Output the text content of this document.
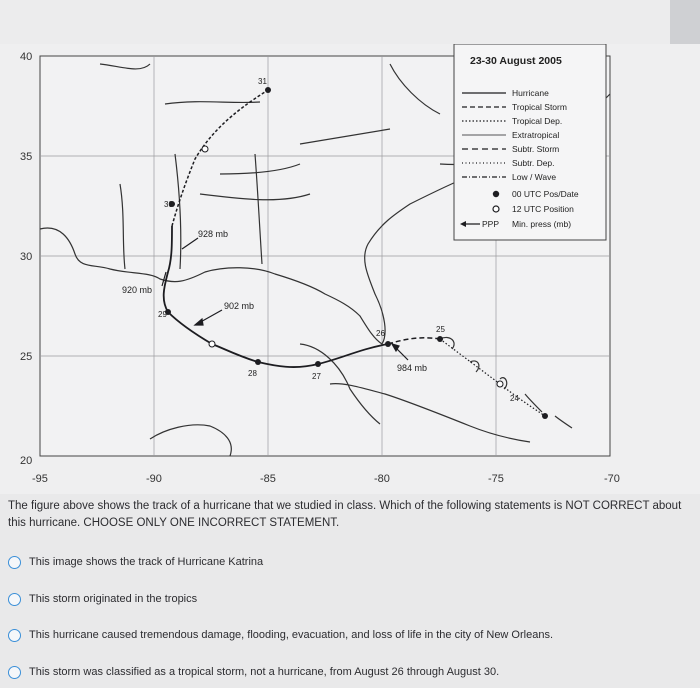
40
35
30
25
20
-95	-90	-85	-80	-75	-70
31
30
29
28	27
26	25
24
928 mb
920 mb
902 mb
984 mb
23-30 August 2005
Hurricane
Tropical Storm
Tropical Dep.
Extratropical
Subtr. Storm
Subtr. Dep.
Low / Wave
PPP
00 UTC Pos/Date
12 UTC Position
Min. press (mb)
The figure above shows the track of a hurricane that we studied in class. Which of the following statements is NOT CORRECT about this hurricane. CHOOSE ONLY ONE INCORRECT STATEMENT.
This image shows the track of Hurricane Katrina
This storm originated in the tropics
This hurricane caused tremendous damage, flooding, evacuation, and loss of life in the city of New Orleans.
This storm was classified as a tropical storm, not a hurricane, from August 26 through August 30.
